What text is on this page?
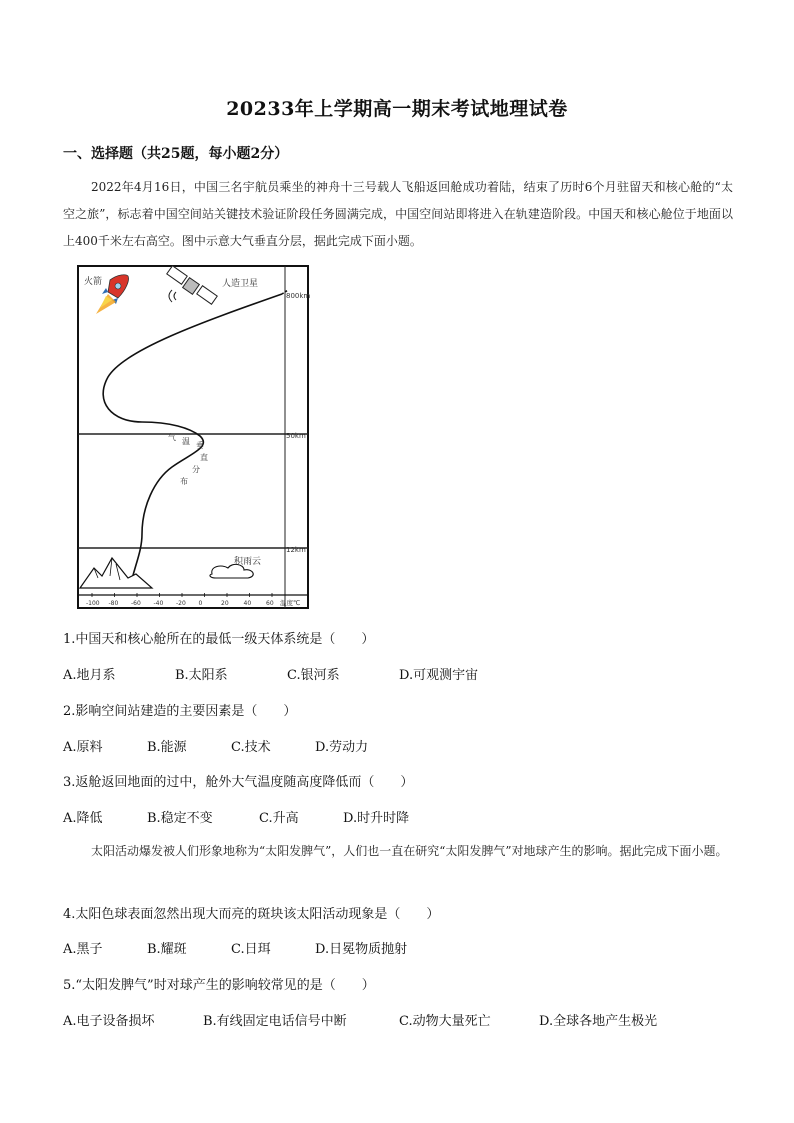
20233年上学期高一期末考试地理试卷
一、选择题（共25题，每小题2分）
2022年4月16日，中国三名宇航员乘坐的神舟十三号载人飞船返回舱成功着陆，结束了历时6个月驻留天和核心舱的“太空之旅”，标志着中国空间站关键技术验证阶段任务圆满完成，中国空间站即将进入在轨建造阶段。中国天和核心舱位于地面以上400千米左右高空。图中示意大气垂直分层，据此完成下面小题。
火箭	人造卫星
积雨云
气 温 垂
直
分
布
800km
50km
12km
-100 -80 -60 -40 -20 0	20 40 60 温度℃
1.中国天和核心舱所在的最低一级天体系统是（　　）
A.地月系	B.太阳系	C.银河系	D.可观测宇宙
2.影响空间站建造的主要因素是（　　）
A.原料	B.能源	C.技术	D.劳动力
3.返舱返回地面的过中，舱外大气温度随高度降低而（　　）
A.降低	B.稳定不变	C.升高	D.时升时降
太阳活动爆发被人们形象地称为“太阳发脾气”，人们也一直在研究“太阳发脾气”对地球产生的影响。据此完成下面小题。
4.太阳色球表面忽然出现大而亮的斑块该太阳活动现象是（　　）
A.黑子	B.耀斑	C.日珥	D.日冕物质抛射
5.“太阳发脾气”时对球产生的影响较常见的是（　　）
A.电子设备损坏	B.有线固定电话信号中断	C.动物大量死亡	D.全球各地产生极光
